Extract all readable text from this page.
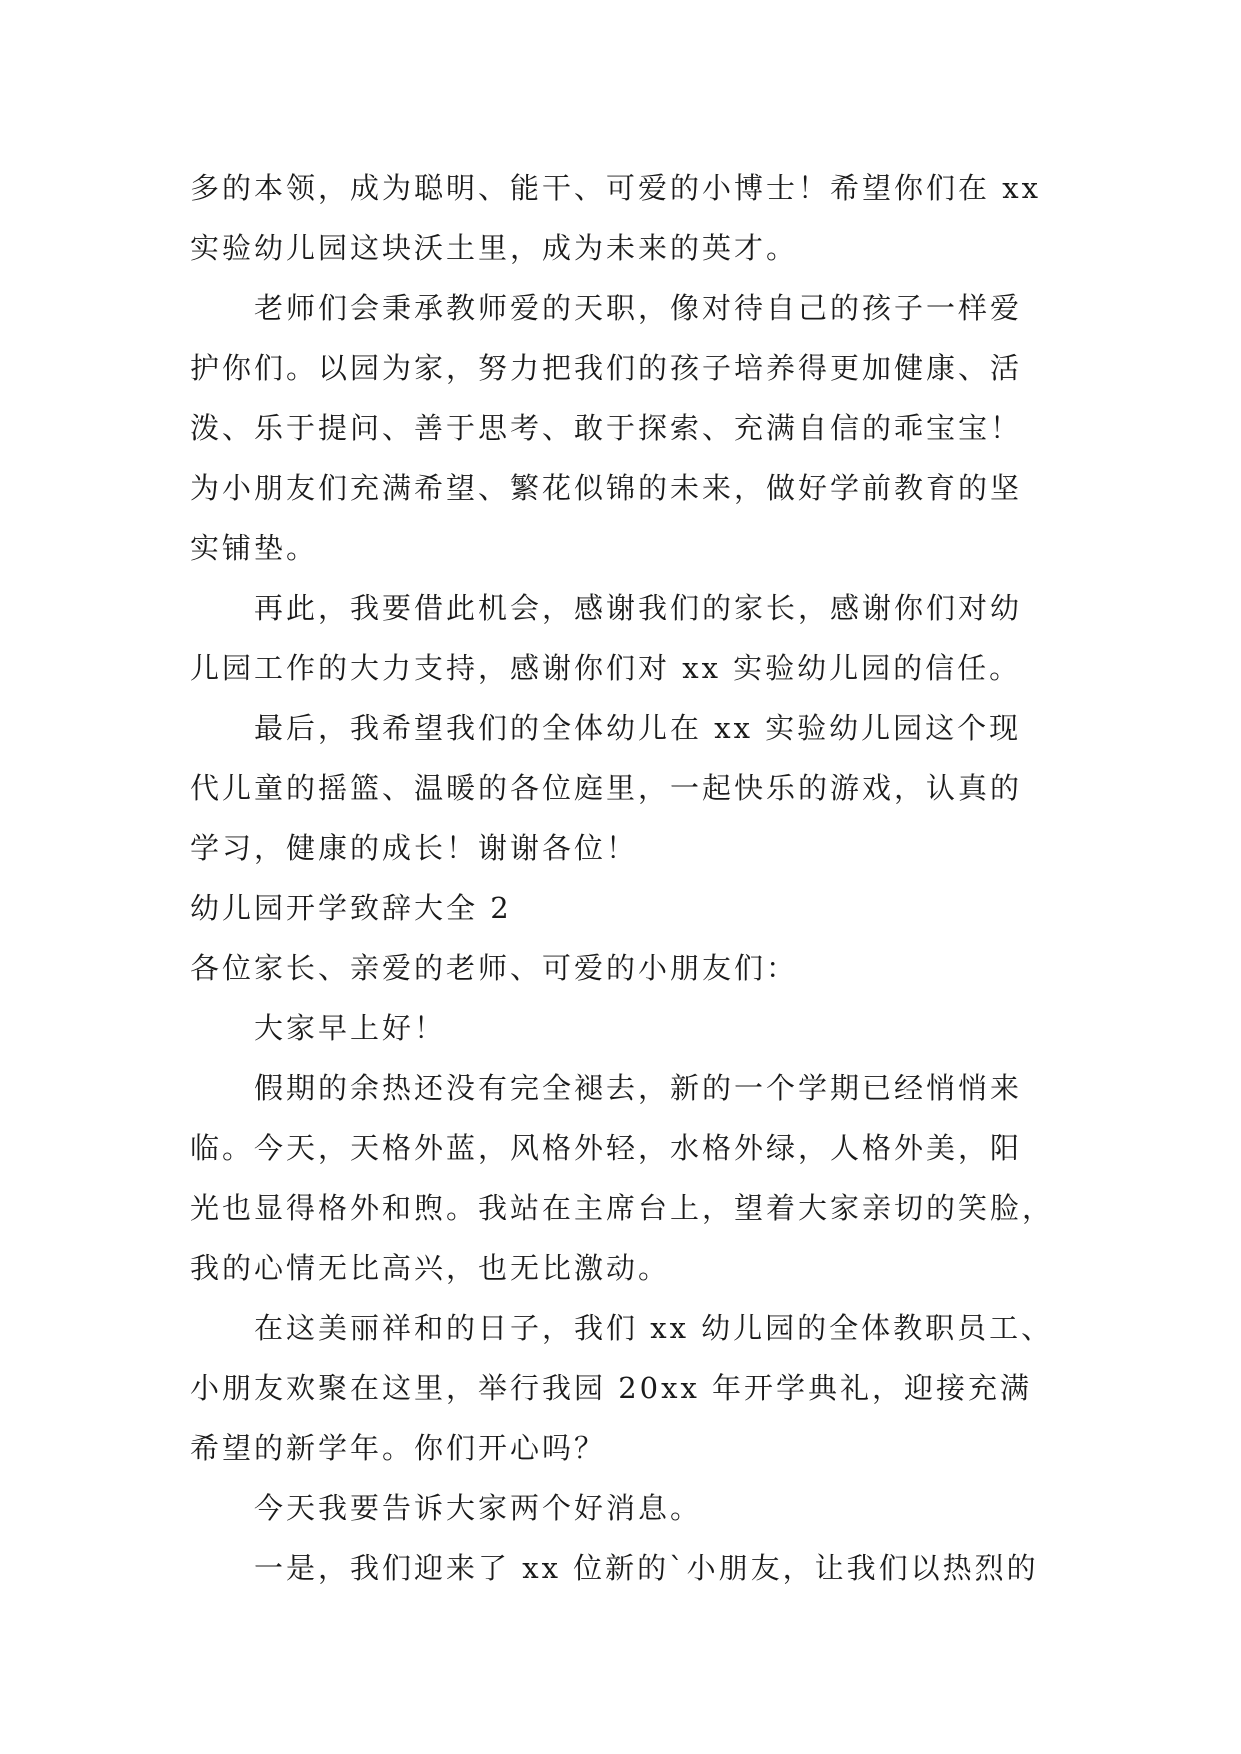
多的本领，成为聪明、能干、可爱的小博士！希望你们在 xx
实验幼儿园这块沃土里，成为未来的英才。
老师们会秉承教师爱的天职，像对待自己的孩子一样爱
护你们。以园为家，努力把我们的孩子培养得更加健康、活
泼、乐于提问、善于思考、敢于探索、充满自信的乖宝宝！
为小朋友们充满希望、繁花似锦的未来，做好学前教育的坚
实铺垫。
再此，我要借此机会，感谢我们的家长，感谢你们对幼
儿园工作的大力支持，感谢你们对 xx 实验幼儿园的信任。
最后，我希望我们的全体幼儿在 xx 实验幼儿园这个现
代儿童的摇篮、温暖的各位庭里，一起快乐的游戏，认真的
学习，健康的成长！谢谢各位！
幼儿园开学致辞大全 2
各位家长、亲爱的老师、可爱的小朋友们：
大家早上好！
假期的余热还没有完全褪去，新的一个学期已经悄悄来
临。今天，天格外蓝，风格外轻，水格外绿，人格外美，阳
光也显得格外和煦。我站在主席台上，望着大家亲切的笑脸，
我的心情无比高兴，也无比激动。
在这美丽祥和的日子，我们 xx 幼儿园的全体教职员工、
小朋友欢聚在这里，举行我园 20xx 年开学典礼，迎接充满
希望的新学年。你们开心吗？
今天我要告诉大家两个好消息。
一是，我们迎来了 xx 位新的`小朋友，让我们以热烈的
